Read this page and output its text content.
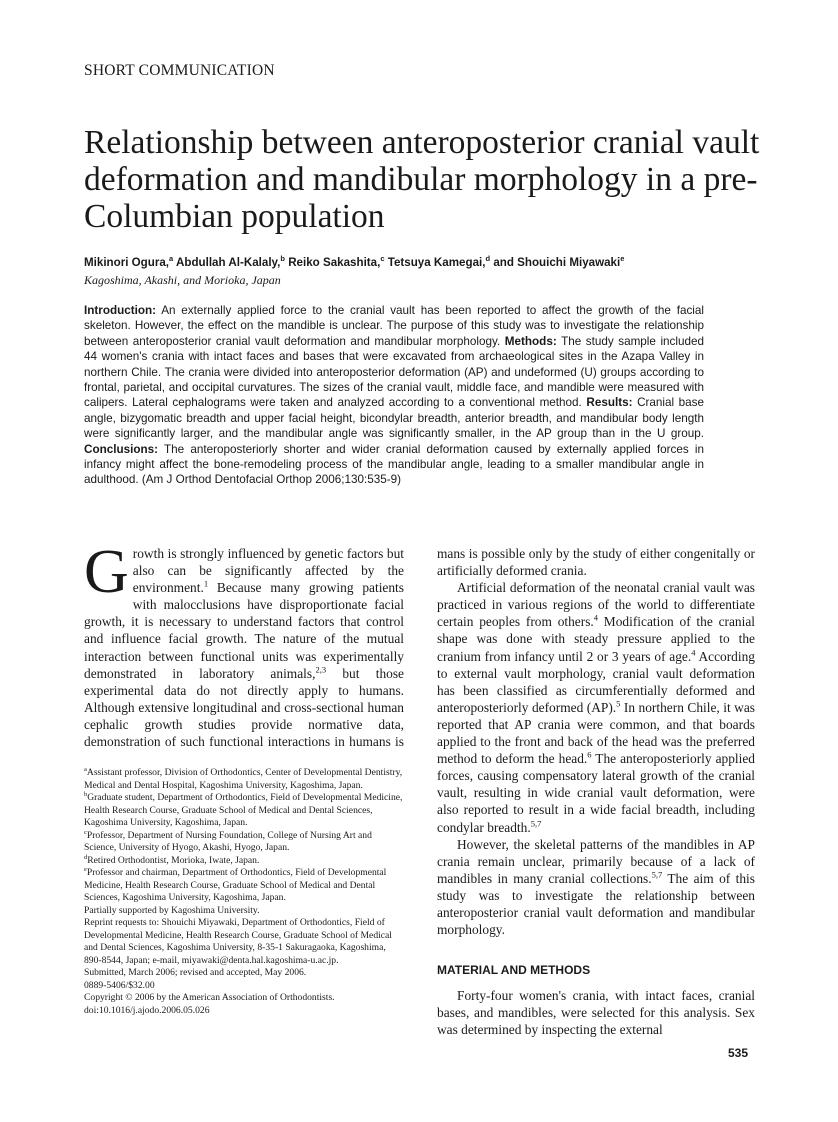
SHORT COMMUNICATION
Relationship between anteroposterior cranial vault deformation and mandibular morphology in a pre-Columbian population
Mikinori Ogura,$^a$ Abdullah Al-Kalaly,$^b$ Reiko Sakashita,$^c$ Tetsuya Kamegai,$^d$ and Shouichi Miyawaki$^e$
Kagoshima, Akashi, and Morioka, Japan
Introduction: An externally applied force to the cranial vault has been reported to affect the growth of the facial skeleton. However, the effect on the mandible is unclear. The purpose of this study was to investigate the relationship between anteroposterior cranial vault deformation and mandibular morphology. Methods: The study sample included 44 women's crania with intact faces and bases that were excavated from archaeological sites in the Azapa Valley in northern Chile. The crania were divided into anteroposterior deformation (AP) and undeformed (U) groups according to frontal, parietal, and occipital curvatures. The sizes of the cranial vault, middle face, and mandible were measured with calipers. Lateral cephalograms were taken and analyzed according to a conventional method. Results: Cranial base angle, bizygomatic breadth and upper facial height, bicondylar breadth, anterior breadth, and mandibular body length were significantly larger, and the mandibular angle was significantly smaller, in the AP group than in the U group. Conclusions: The anteroposteriorly shorter and wider cranial deformation caused by externally applied forces in infancy might affect the bone-remodeling process of the mandibular angle, leading to a smaller mandibular angle in adulthood. (Am J Orthod Dentofacial Orthop 2006;130:535-9)

Growth is strongly influenced by genetic factors but also can be significantly affected by the environment.$^1$ Because many growing patients with malocclusions have disproportionate facial growth, it is necessary to understand factors that control and influence facial growth. The nature of the mutual interaction between functional units was experimentally demonstrated in laboratory animals,$^{2,3}$ but those experimental data do not directly apply to humans. Although extensive longitudinal and cross-sectional human cephalic growth studies provide normative data, demonstration of such functional interactions in humans is

mans is possible only by the study of either congenitally or artificially deformed crania.

Artificial deformation of the neonatal cranial vault was practiced in various regions of the world to differentiate certain peoples from others.$^4$ Modification of the cranial shape was done with steady pressure applied to the cranium from infancy until 2 or 3 years of age.$^4$ According to external vault morphology, cranial vault deformation has been classified as circumferentially deformed and anteroposteriorly deformed (AP).$^5$ In northern Chile, it was reported that AP crania were common, and that boards applied to the front and back of the head was the preferred method to deform the head.$^6$ The anteroposteriorly applied forces, causing compensatory lateral growth of the cranial vault, resulting in wide cranial vault deformation, were also reported to result in a wide facial breadth, including condylar breadth.$^{5,7}$

However, the skeletal patterns of the mandibles in AP crania remain unclear, primarily because of a lack of mandibles in many cranial collections.$^{5,7}$ The aim of this study was to investigate the relationship between anteroposterior cranial vault deformation and mandibular morphology.

$^a$Assistant professor, Division of Orthodontics, Center of Developmental Dentistry, Medical and Dental Hospital, Kagoshima University, Kagoshima, Japan.

$^b$Graduate student, Department of Orthodontics, Field of Developmental Medicine, Health Research Course, Graduate School of Medical and Dental Sciences, Kagoshima University, Kagoshima, Japan.

$^c$Professor, Department of Nursing Foundation, College of Nursing Art and Science, University of Hyogo, Akashi, Hyogo, Japan.

$^d$Retired Orthodontist, Morioka, Iwate, Japan.

$^e$Professor and chairman, Department of Orthodontics, Field of Developmental Medicine, Health Research Course, Graduate School of Medical and Dental Sciences, Kagoshima University, Kagoshima, Japan.

Partially supported by Kagoshima University.

Reprint requests to: Shouichi Miyawaki, Department of Orthodontics, Field of Developmental Medicine, Health Research Course, Graduate School of Medical and Dental Sciences, Kagoshima University, 8-35-1 Sakuragaoka, Kagoshima, 890-8544, Japan; e-mail, miyawaki@denta.hal.kagoshima-u.ac.jp.

Submitted, March 2006; revised and accepted, May 2006.

0889-5406/$32.00

Copyright © 2006 by the American Association of Orthodontists.

doi:10.1016/j.ajodo.2006.05.026

MATERIAL AND METHODS

Forty-four women's crania, with intact faces, cranial bases, and mandibles, were selected for this analysis. Sex was determined by inspecting the external

535
